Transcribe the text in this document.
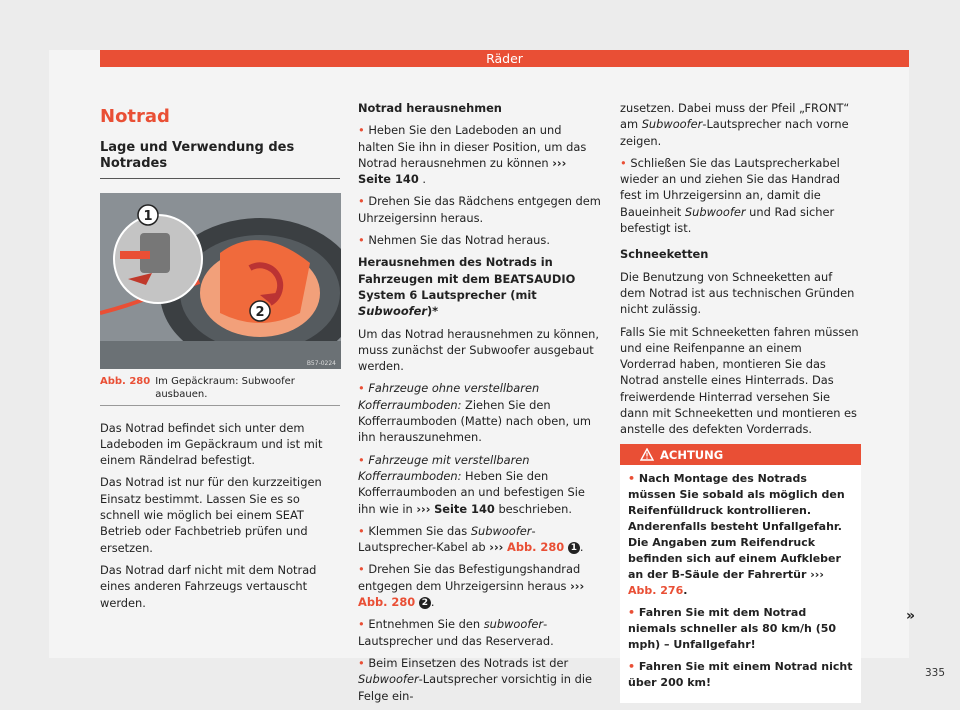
Räder
Notrad
Lage und Verwendung des Notrades
1
2
B57-0224
Abb. 280 Im Gepäckraum: Subwoofer ausbauen.

Das Notrad befindet sich unter dem Ladeboden im Gepäckraum und ist mit einem Rändelrad befestigt.

Das Notrad ist nur für den kurzzeitigen Einsatz bestimmt. Lassen Sie es so schnell wie möglich bei einem SEAT Betrieb oder Fachbetrieb prüfen und ersetzen.

Das Notrad darf nicht mit dem Notrad eines anderen Fahrzeugs vertauscht werden.

Notrad herausnehmen

• Heben Sie den Ladeboden an und halten Sie ihn in dieser Position, um das Notrad herausnehmen zu können ››› Seite 140 .

• Drehen Sie das Rädchens entgegen dem Uhrzeigersinn heraus.

• Nehmen Sie das Notrad heraus.

Herausnehmen des Notrads in Fahrzeugen mit dem BEATSAUDIO System 6 Lautsprecher (mit Subwoofer)*

Um das Notrad herausnehmen zu können, muss zunächst der Subwoofer ausgebaut werden.

• Fahrzeuge ohne verstellbaren Kofferraumboden: Ziehen Sie den Kofferraumboden (Matte) nach oben, um ihn herauszunehmen.

• Fahrzeuge mit verstellbaren Kofferraumboden: Heben Sie den Kofferraumboden an und befestigen Sie ihn wie in ››› Seite 140 beschrieben.

• Klemmen Sie das Subwoofer-Lautsprecher-Kabel ab ››› Abb. 280 1 .

• Drehen Sie das Befestigungshandrad entgegen dem Uhrzeigersinn heraus ››› Abb. 280 2 .

• Entnehmen Sie den subwoofer-Lautsprecher und das Reserverad.

• Beim Einsetzen des Notrads ist der Subwoofer-Lautsprecher vorsichtig in die Felge ein-

zusetzen. Dabei muss der Pfeil „FRONT“ am Subwoofer-Lautsprecher nach vorne zeigen.

• Schließen Sie das Lautsprecherkabel wieder an und ziehen Sie das Handrad fest im Uhrzeigersinn an, damit die Baueinheit Subwoofer und Rad sicher befestigt ist.

Schneeketten

Die Benutzung von Schneeketten auf dem Notrad ist aus technischen Gründen nicht zulässig.

Falls Sie mit Schneeketten fahren müssen und eine Reifenpanne an einem Vorderrad haben, montieren Sie das Notrad anstelle eines Hinterrads. Das freiwerdende Hinterrad versehen Sie dann mit Schneeketten und montieren es anstelle des defekten Vorderrads.

ACHTUNG

• Nach Montage des Notrads müssen Sie sobald als möglich den Reifenfülldruck kontrollieren. Anderenfalls besteht Unfallgefahr. Die Angaben zum Reifendruck befinden sich auf einem Aufkleber an der B-Säule der Fahrertür ››› Abb. 276.

• Fahren Sie mit dem Notrad niemals schneller als 80 km/h (50 mph) – Unfallgefahr!

• Fahren Sie mit einem Notrad nicht über 200 km!

»
335
